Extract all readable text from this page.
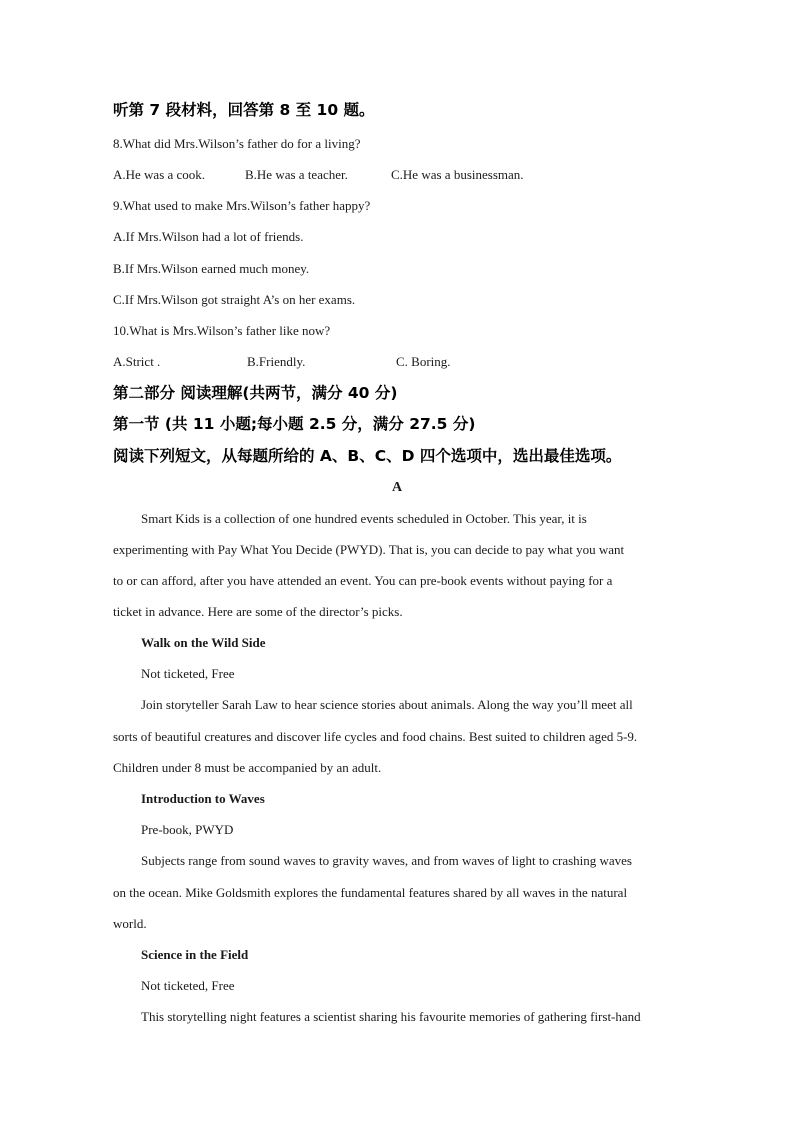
听第 7 段材料，回答第 8 至 10 题。
8.What did Mrs.Wilson’s father do for a living?
A.He was a cook.	B.He was a teacher.	C.He was a businessman.
9.What used to make Mrs.Wilson’s father happy?
A.If Mrs.Wilson had a lot of friends.
B.If Mrs.Wilson earned much money.
C.If Mrs.Wilson got straight A’s on her exams.
10.What is Mrs.Wilson’s father like now?
A.Strict .	B.Friendly.	C. Boring.
第二部分 阅读理解(共两节，满分 40 分)
第一节 (共 11 小题;每小题 2.5 分，满分 27.5 分)
阅读下列短文，从每题所给的 A、B、C、D 四个选项中，选出最佳选项。
A
Smart Kids is a collection of one hundred events scheduled in October. This year, it is
experimenting with Pay What You Decide (PWYD). That is, you can decide to pay what you want
to or can afford, after you have attended an event. You can pre-book events without paying for a
ticket in advance. Here are some of the director’s picks.
Walk on the Wild Side
Not ticketed, Free
Join storyteller Sarah Law to hear science stories about animals. Along the way you’ll meet all
sorts of beautiful creatures and discover life cycles and food chains. Best suited to children aged 5-9.
Children under 8 must be accompanied by an adult.
Introduction to Waves
Pre-book, PWYD
Subjects range from sound waves to gravity waves, and from waves of light to crashing waves
on the ocean. Mike Goldsmith explores the fundamental features shared by all waves in the natural
world.
Science in the Field
Not ticketed, Free
This storytelling night features a scientist sharing his favourite memories of gathering first-hand
